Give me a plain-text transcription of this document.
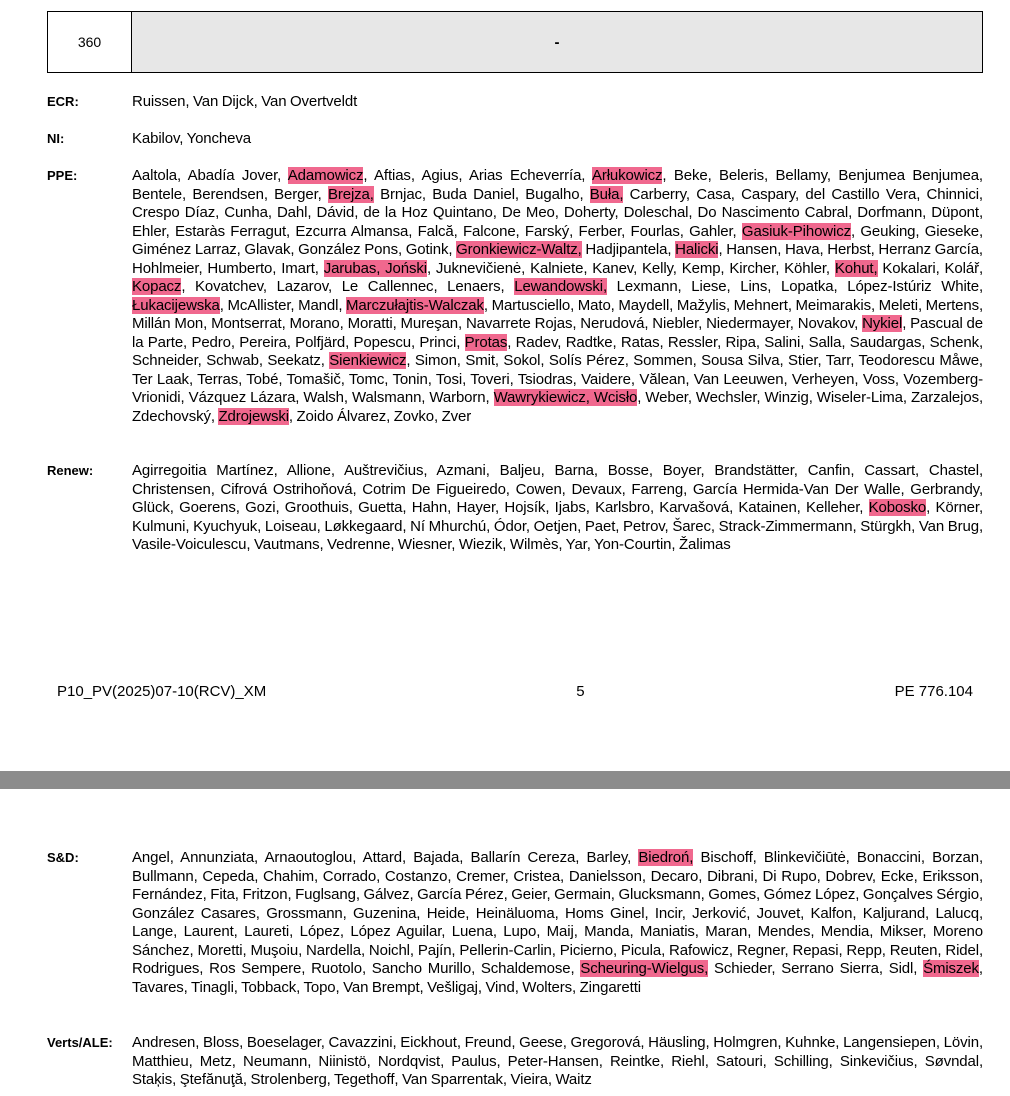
360	-
ECR:	Ruissen, Van Dijck, Van Overtveldt
NI:	Kabilov, Yoncheva
PPE:	Aaltola, Abadía Jover, Adamowicz, Aftias, Agius, Arias Echeverría, Arłukowicz, Beke, Beleris, Bellamy, Benjumea Benjumea, Bentele, Berendsen, Berger, Brejza, Brnjac, Buda Daniel, Bugalho, Buła, Carberry, Casa, Caspary, del Castillo Vera, Chinnici, Crespo Díaz, Cunha, Dahl, Dávid, de la Hoz Quintano, De Meo, Doherty, Doleschal, Do Nascimento Cabral, Dorfmann, Düpont, Ehler, Estaràs Ferragut, Ezcurra Almansa, Falcă, Falcone, Farský, Ferber, Fourlas, Gahler, Gasiuk-Pihowicz, Geuking, Gieseke, Giménez Larraz, Glavak, González Pons, Gotink, Gronkiewicz-Waltz, Hadjipantela, Halicki, Hansen, Hava, Herbst, Herranz García, Hohlmeier, Humberto, Imart, Jarubas, Joński, Juknevičienė, Kalniete, Kanev, Kelly, Kemp, Kircher, Köhler, Kohut, Kokalari, Kolář, Kopacz, Kovatchev, Lazarov, Le Callennec, Lenaers, Lewandowski, Lexmann, Liese, Lins, Lopatka, López-Istúriz White, Łukacijewska, McAllister, Mandl, Marczułajtis-Walczak, Martusciello, Mato, Maydell, Mažylis, Mehnert, Meimarakis, Meleti, Mertens, Millán Mon, Montserrat, Morano, Moratti, Mureşan, Navarrete Rojas, Nerudová, Niebler, Niedermayer, Novakov, Nykiel, Pascual de la Parte, Pedro, Pereira, Polfjärd, Popescu, Princi, Protas, Radev, Radtke, Ratas, Ressler, Ripa, Salini, Salla, Saudargas, Schenk, Schneider, Schwab, Seekatz, Sienkiewicz, Simon, Smit, Sokol, Solís Pérez, Sommen, Sousa Silva, Stier, Tarr, Teodorescu Måwe, Ter Laak, Terras, Tobé, Tomašič, Tomc, Tonin, Tosi, Toveri, Tsiodras, Vaidere, Vălean, Van Leeuwen, Verheyen, Voss, Vozemberg-Vrionidi, Vázquez Lázara, Walsh, Walsmann, Warborn, Wawrykiewicz, Wcisło, Weber, Wechsler, Winzig, Wiseler-Lima, Zarzalejos, Zdechovský, Zdrojewski, Zoido Álvarez, Zovko, Zver
Renew:	Agirregoitia Martínez, Allione, Auštrevičius, Azmani, Baljeu, Barna, Bosse, Boyer, Brandstätter, Canfin, Cassart, Chastel, Christensen, Cifrová Ostrihoňová, Cotrim De Figueiredo, Cowen, Devaux, Farreng, García Hermida-Van Der Walle, Gerbrandy, Glück, Goerens, Gozi, Groothuis, Guetta, Hahn, Hayer, Hojsík, Ijabs, Karlsbro, Karvašová, Katainen, Kelleher, Kobosko, Körner, Kulmuni, Kyuchyuk, Loiseau, Løkkegaard, Ní Mhurchú, Ódor, Oetjen, Paet, Petrov, Šarec, Strack-Zimmermann, Stürgkh, Van Brug, Vasile-Voiculescu, Vautmans, Vedrenne, Wiesner, Wiezik, Wilmès, Yar, Yon-Courtin, Žalimas
P10_PV(2025)07-10(RCV)_XM	5	PE 776.104
S&D:	Angel, Annunziata, Arnaoutoglou, Attard, Bajada, Ballarín Cereza, Barley, Biedroń, Bischoff, Blinkevičiūtė, Bonaccini, Borzan, Bullmann, Cepeda, Chahim, Corrado, Costanzo, Cremer, Cristea, Danielsson, Decaro, Dibrani, Di Rupo, Dobrev, Ecke, Eriksson, Fernández, Fita, Fritzon, Fuglsang, Gálvez, García Pérez, Geier, Germain, Glucksmann, Gomes, Gómez López, Gonçalves Sérgio, González Casares, Grossmann, Guzenina, Heide, Heinäluoma, Homs Ginel, Incir, Jerković, Jouvet, Kalfon, Kaljurand, Lalucq, Lange, Laurent, Laureti, López, López Aguilar, Luena, Lupo, Maij, Manda, Maniatis, Maran, Mendes, Mendia, Mikser, Moreno Sánchez, Moretti, Muşoiu, Nardella, Noichl, Pajín, Pellerin-Carlin, Picierno, Picula, Rafowicz, Regner, Repasi, Repp, Reuten, Ridel, Rodrigues, Ros Sempere, Ruotolo, Sancho Murillo, Schaldemose, Scheuring-Wielgus, Schieder, Serrano Sierra, Sidl, Śmiszek, Tavares, Tinagli, Tobback, Topo, Van Brempt, Vešligaj, Vind, Wolters, Zingaretti
Verts/ALE:	Andresen, Bloss, Boeselager, Cavazzini, Eickhout, Freund, Geese, Gregorová, Häusling, Holmgren, Kuhnke, Langensiepen, Lövin, Matthieu, Metz, Neumann, Niinistö, Nordqvist, Paulus, Peter-Hansen, Reintke, Riehl, Satouri, Schilling, Sinkevičius, Søvndal, Staķis, Ştefănuţă, Strolenberg, Tegethoff, Van Sparrentak, Vieira, Waitz
